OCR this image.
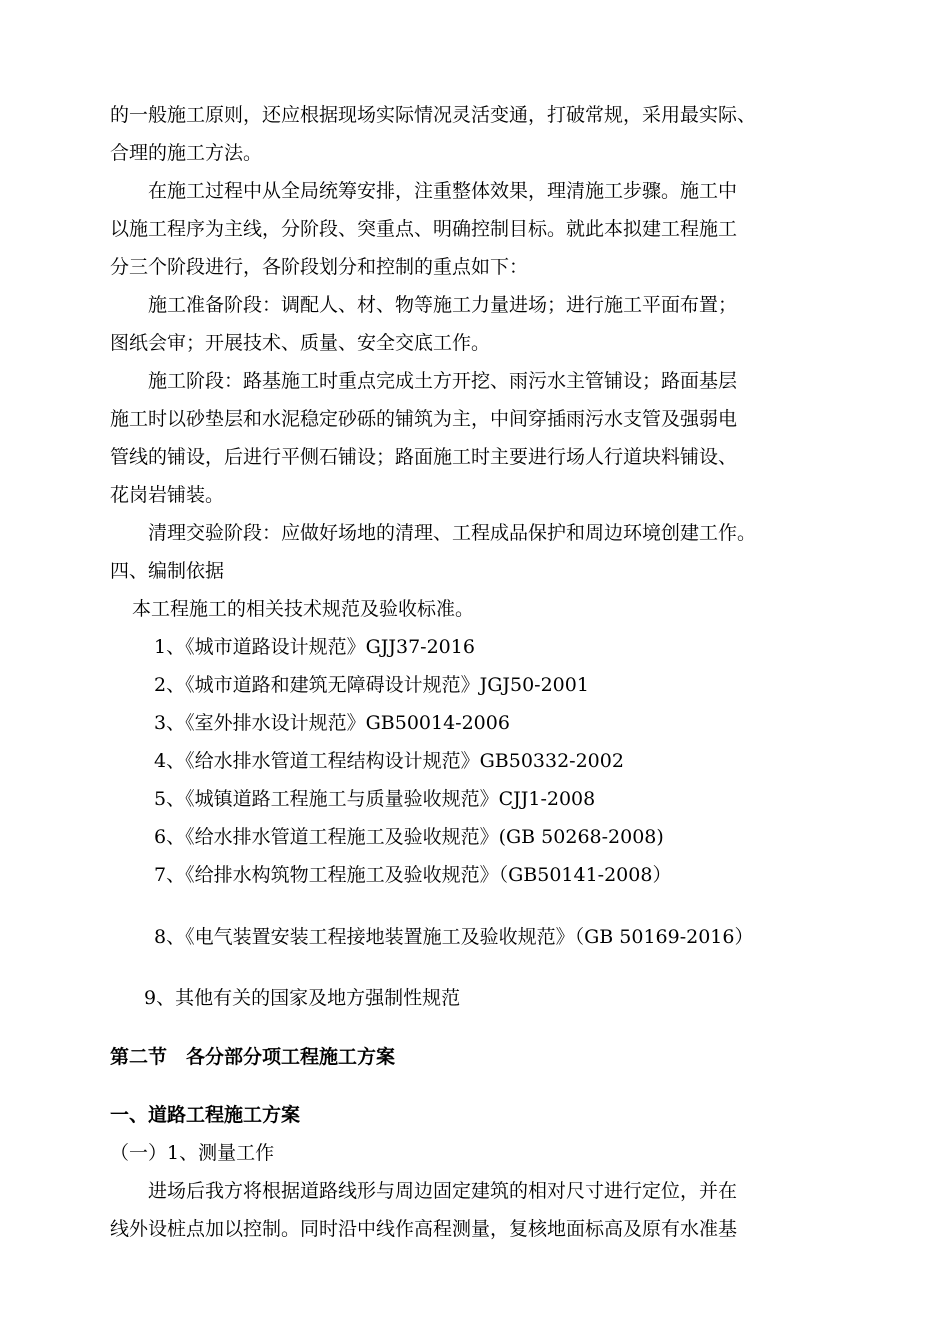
的一般施工原则，还应根据现场实际情况灵活变通，打破常规，采用最实际、
合理的施工方法。
在施工过程中从全局统筹安排，注重整体效果，理清施工步骤。施工中
以施工程序为主线，分阶段、突重点、明确控制目标。就此本拟建工程施工
分三个阶段进行，各阶段划分和控制的重点如下：
施工准备阶段：调配人、材、物等施工力量进场；进行施工平面布置；
图纸会审；开展技术、质量、安全交底工作。
施工阶段：路基施工时重点完成土方开挖、雨污水主管铺设；路面基层
施工时以砂垫层和水泥稳定砂砾的铺筑为主，中间穿插雨污水支管及强弱电
管线的铺设，后进行平侧石铺设；路面施工时主要进行场人行道块料铺设、
花岗岩铺装。
清理交验阶段：应做好场地的清理、工程成品保护和周边环境创建工作。
四、编制依据
本工程施工的相关技术规范及验收标准。
1、《城市道路设计规范》GJJ37-2016
2、《城市道路和建筑无障碍设计规范》JGJ50-2001
3、《室外排水设计规范》GB50014-2006
4、《给水排水管道工程结构设计规范》GB50332-2002
5、《城镇道路工程施工与质量验收规范》CJJ1-2008
6、《给水排水管道工程施工及验收规范》(GB 50268-2008)
7、《给排水构筑物工程施工及验收规范》（GB50141-2008）
8、《电气装置安装工程接地装置施工及验收规范》（GB 50169-2016）
9、其他有关的国家及地方强制性规范
第二节　各分部分项工程施工方案
一、道路工程施工方案
（一）1、测量工作
进场后我方将根据道路线形与周边固定建筑的相对尺寸进行定位，并在
线外设桩点加以控制。同时沿中线作高程测量，复核地面标高及原有水准基
